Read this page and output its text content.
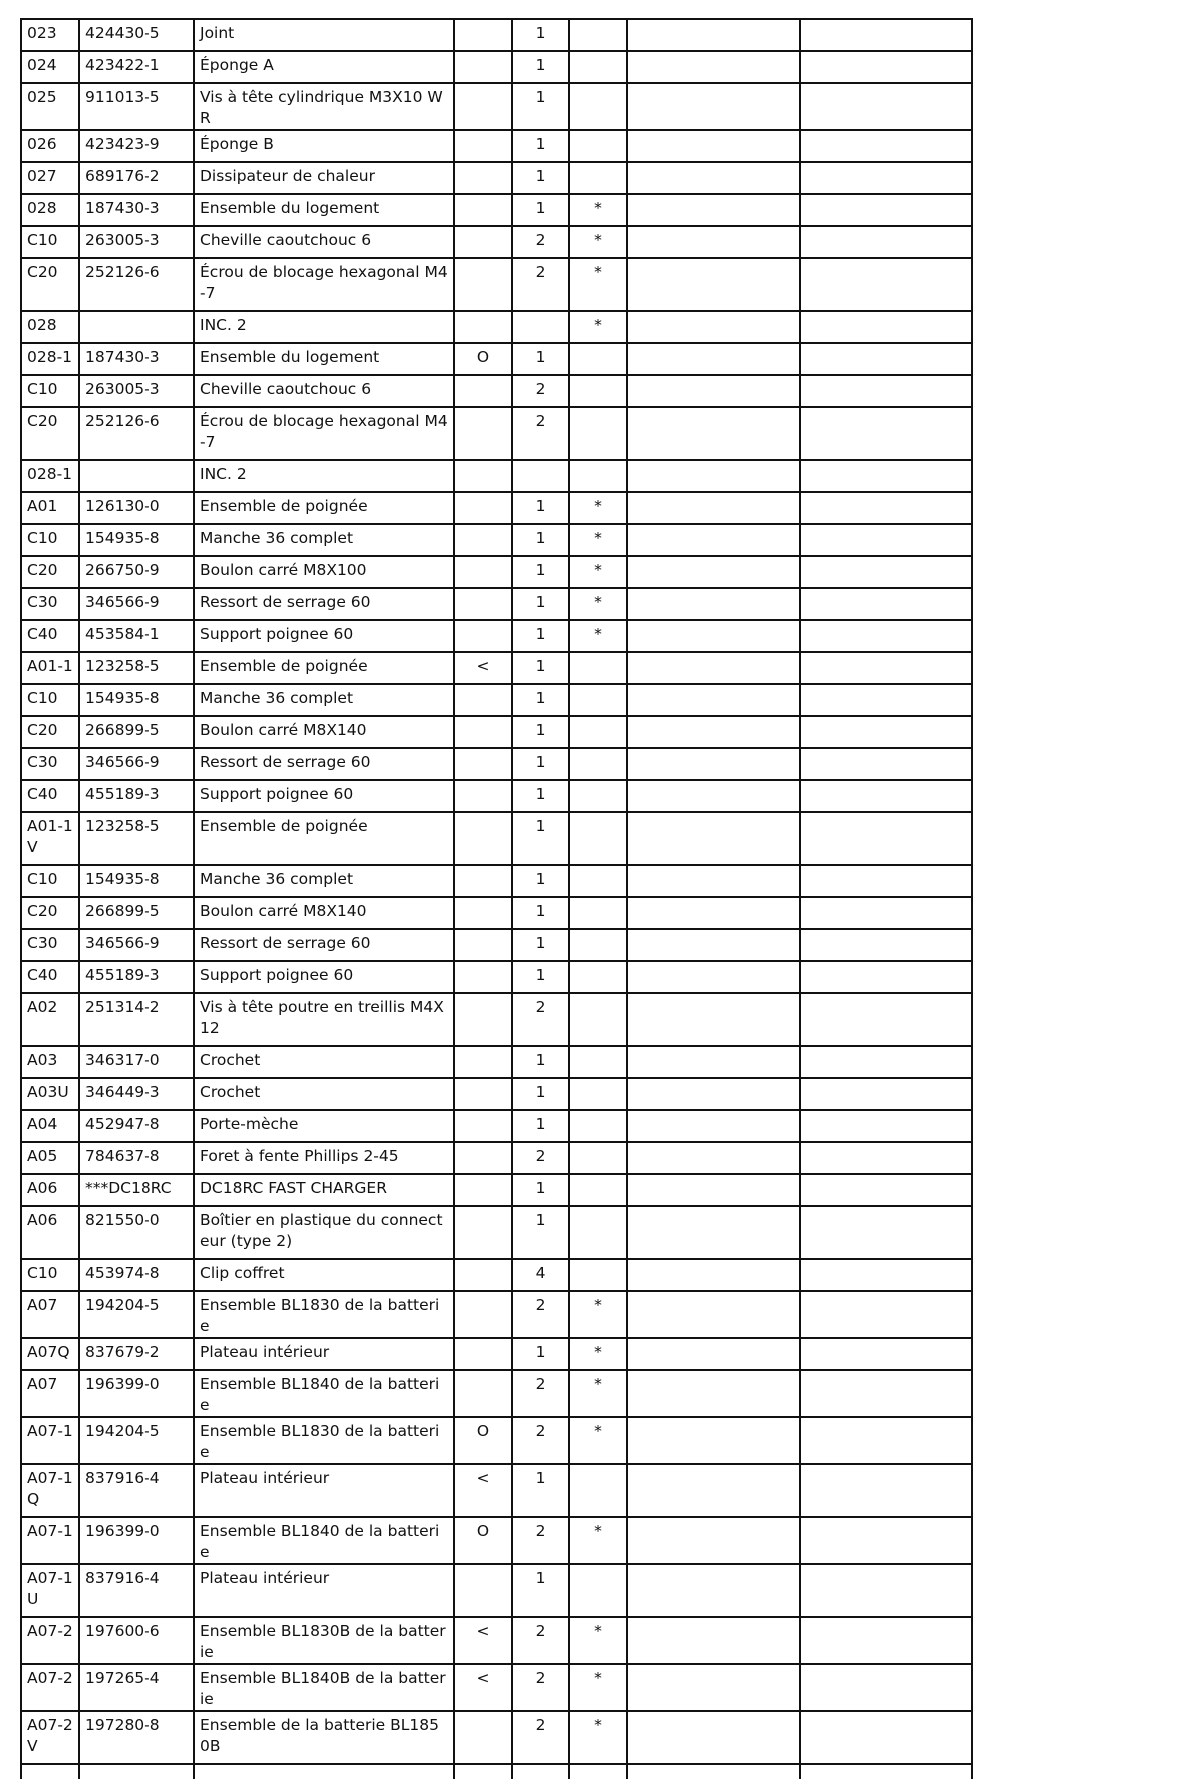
023	424430-5	Joint		1			
024	423422-1	Éponge A		1			
025	911013-5	Vis à tête cylindrique M3X10 WR		1			
026	423423-9	Éponge B		1			
027	689176-2	Dissipateur de chaleur		1			
028	187430-3	Ensemble du logement		1	*		
C10	263005-3	Cheville caoutchouc 6		2	*		
C20	252126-6	Écrou de blocage hexagonal M4-7		2	*		
028		INC. 2			*		
028-1	187430-3	Ensemble du logement	O	1			
C10	263005-3	Cheville caoutchouc 6		2			
C20	252126-6	Écrou de blocage hexagonal M4-7		2			
028-1		INC. 2					
A01	126130-0	Ensemble de poignée		1	*		
C10	154935-8	Manche 36 complet		1	*		
C20	266750-9	Boulon carré M8X100		1	*		
C30	346566-9	Ressort de serrage 60		1	*		
C40	453584-1	Support poignee 60		1	*		
A01-1	123258-5	Ensemble de poignée	<	1			
C10	154935-8	Manche 36 complet		1			
C20	266899-5	Boulon carré M8X140		1			
C30	346566-9	Ressort de serrage 60		1			
C40	455189-3	Support poignee 60		1			
A01-1V	123258-5	Ensemble de poignée		1			
C10	154935-8	Manche 36 complet		1			
C20	266899-5	Boulon carré M8X140		1			
C30	346566-9	Ressort de serrage 60		1			
C40	455189-3	Support poignee 60		1			
A02	251314-2	Vis à tête poutre en treillis M4X12		2			
A03	346317-0	Crochet		1			
A03U	346449-3	Crochet		1			
A04	452947-8	Porte-mèche		1			
A05	784637-8	Foret à fente Phillips 2-45		2			
A06	***DC18RC	DC18RC FAST CHARGER		1			
A06	821550-0	Boîtier en plastique du connecteur (type 2)		1			
C10	453974-8	Clip coffret		4			
A07	194204-5	Ensemble BL1830 de la batterie		2	*		
A07Q	837679-2	Plateau intérieur		1	*		
A07	196399-0	Ensemble BL1840 de la batterie		2	*		
A07-1	194204-5	Ensemble BL1830 de la batterie	O	2	*		
A07-1Q	837916-4	Plateau intérieur	<	1			
A07-1	196399-0	Ensemble BL1840 de la batterie	O	2	*		
A07-1U	837916-4	Plateau intérieur		1			
A07-2	197600-6	Ensemble BL1830B de la batterie	<	2	*		
A07-2	197265-4	Ensemble BL1840B de la batterie	<	2	*		
A07-2V	197280-8	Ensemble de la batterie BL1850B		2	*		
